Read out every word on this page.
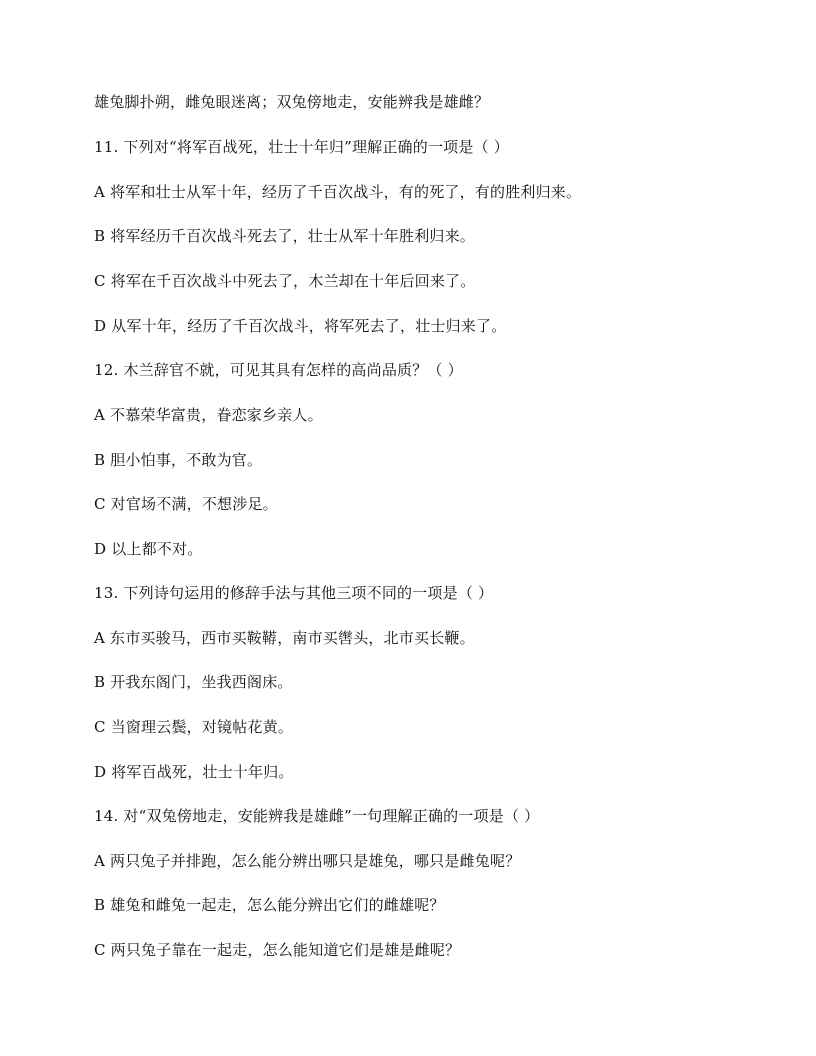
雄兔脚扑朔，雌兔眼迷离；双兔傍地走，安能辨我是雄雌？
11. 下列对“将军百战死，壮士十年归”理解正确的一项是（ ）
A 将军和壮士从军十年，经历了千百次战斗，有的死了，有的胜利归来。
B 将军经历千百次战斗死去了，壮士从军十年胜利归来。
C 将军在千百次战斗中死去了，木兰却在十年后回来了。
D 从军十年，经历了千百次战斗，将军死去了，壮士归来了。
12. 木兰辞官不就，可见其具有怎样的高尚品质？（ ）
A 不慕荣华富贵，眷恋家乡亲人。
B 胆小怕事，不敢为官。
C 对官场不满，不想涉足。
D 以上都不对。
13. 下列诗句运用的修辞手法与其他三项不同的一项是（ ）
A 东市买骏马，西市买鞍鞯，南市买辔头，北市买长鞭。
B 开我东阁门，坐我西阁床。
C 当窗理云鬓，对镜帖花黄。
D 将军百战死，壮士十年归。
14. 对“双兔傍地走，安能辨我是雄雌”一句理解正确的一项是（ ）
A 两只兔子并排跑，怎么能分辨出哪只是雄兔，哪只是雌兔呢？
B 雄兔和雌兔一起走，怎么能分辨出它们的雌雄呢？
C 两只兔子靠在一起走，怎么能知道它们是雄是雌呢？
